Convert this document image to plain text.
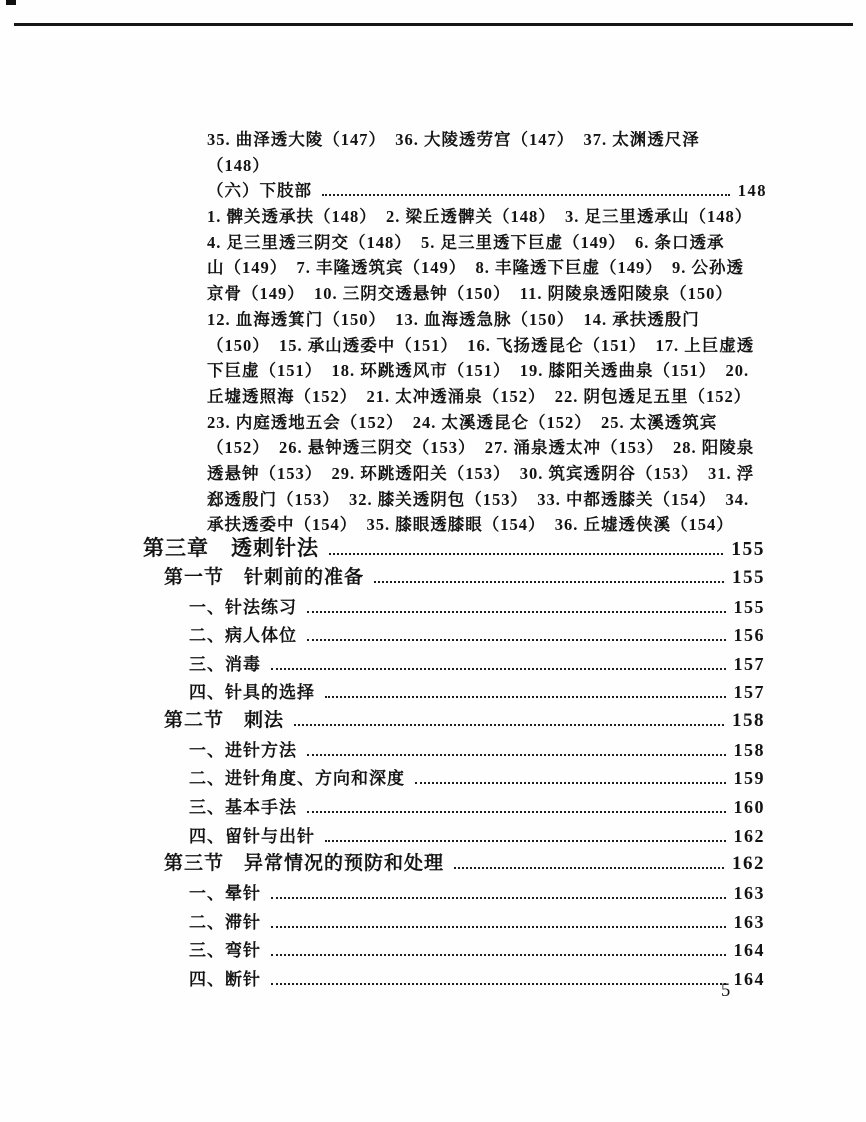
35. 曲泽透大陵（147）　36. 大陵透劳宫（147）　37. 太渊透尺泽
（148）
（六）下肢部	148
1. 髀关透承扶（148）　2. 梁丘透髀关（148）　3. 足三里透承山（148）
4. 足三里透三阴交（148）　5. 足三里透下巨虚（149）　6. 条口透承
山（149）　7. 丰隆透筑宾（149）　8. 丰隆透下巨虚（149）　9. 公孙透
京骨（149）　10. 三阴交透悬钟（150）　11. 阴陵泉透阳陵泉（150）
12. 血海透箕门（150）　13. 血海透急脉（150）　14. 承扶透殷门
（150）　15. 承山透委中（151）　16. 飞扬透昆仑（151）　17. 上巨虚透
下巨虚（151）　18. 环跳透风市（151）　19. 膝阳关透曲泉（151）　20.
丘墟透照海（152）　21. 太冲透涌泉（152）　22. 阴包透足五里（152）
23. 内庭透地五会（152）　24. 太溪透昆仑（152）　25. 太溪透筑宾
（152）　26. 悬钟透三阴交（153）　27. 涌泉透太冲（153）　28. 阳陵泉
透悬钟（153）　29. 环跳透阳关（153）　30. 筑宾透阴谷（153）　31. 浮
郄透殷门（153）　32. 膝关透阴包（153）　33. 中都透膝关（154）　34.
承扶透委中（154）　35. 膝眼透膝眼（154）　36. 丘墟透侠溪（154）
第三章　透刺针法	155
第一节　针刺前的准备	155
一、针法练习	155
二、病人体位	156
三、消毒	157
四、针具的选择	157
第二节　刺法	158
一、进针方法	158
二、进针角度、方向和深度	159
三、基本手法	160
四、留针与出针	162
第三节　异常情况的预防和处理	162
一、晕针	163
二、滞针	163
三、弯针	164
四、断针	164
5
